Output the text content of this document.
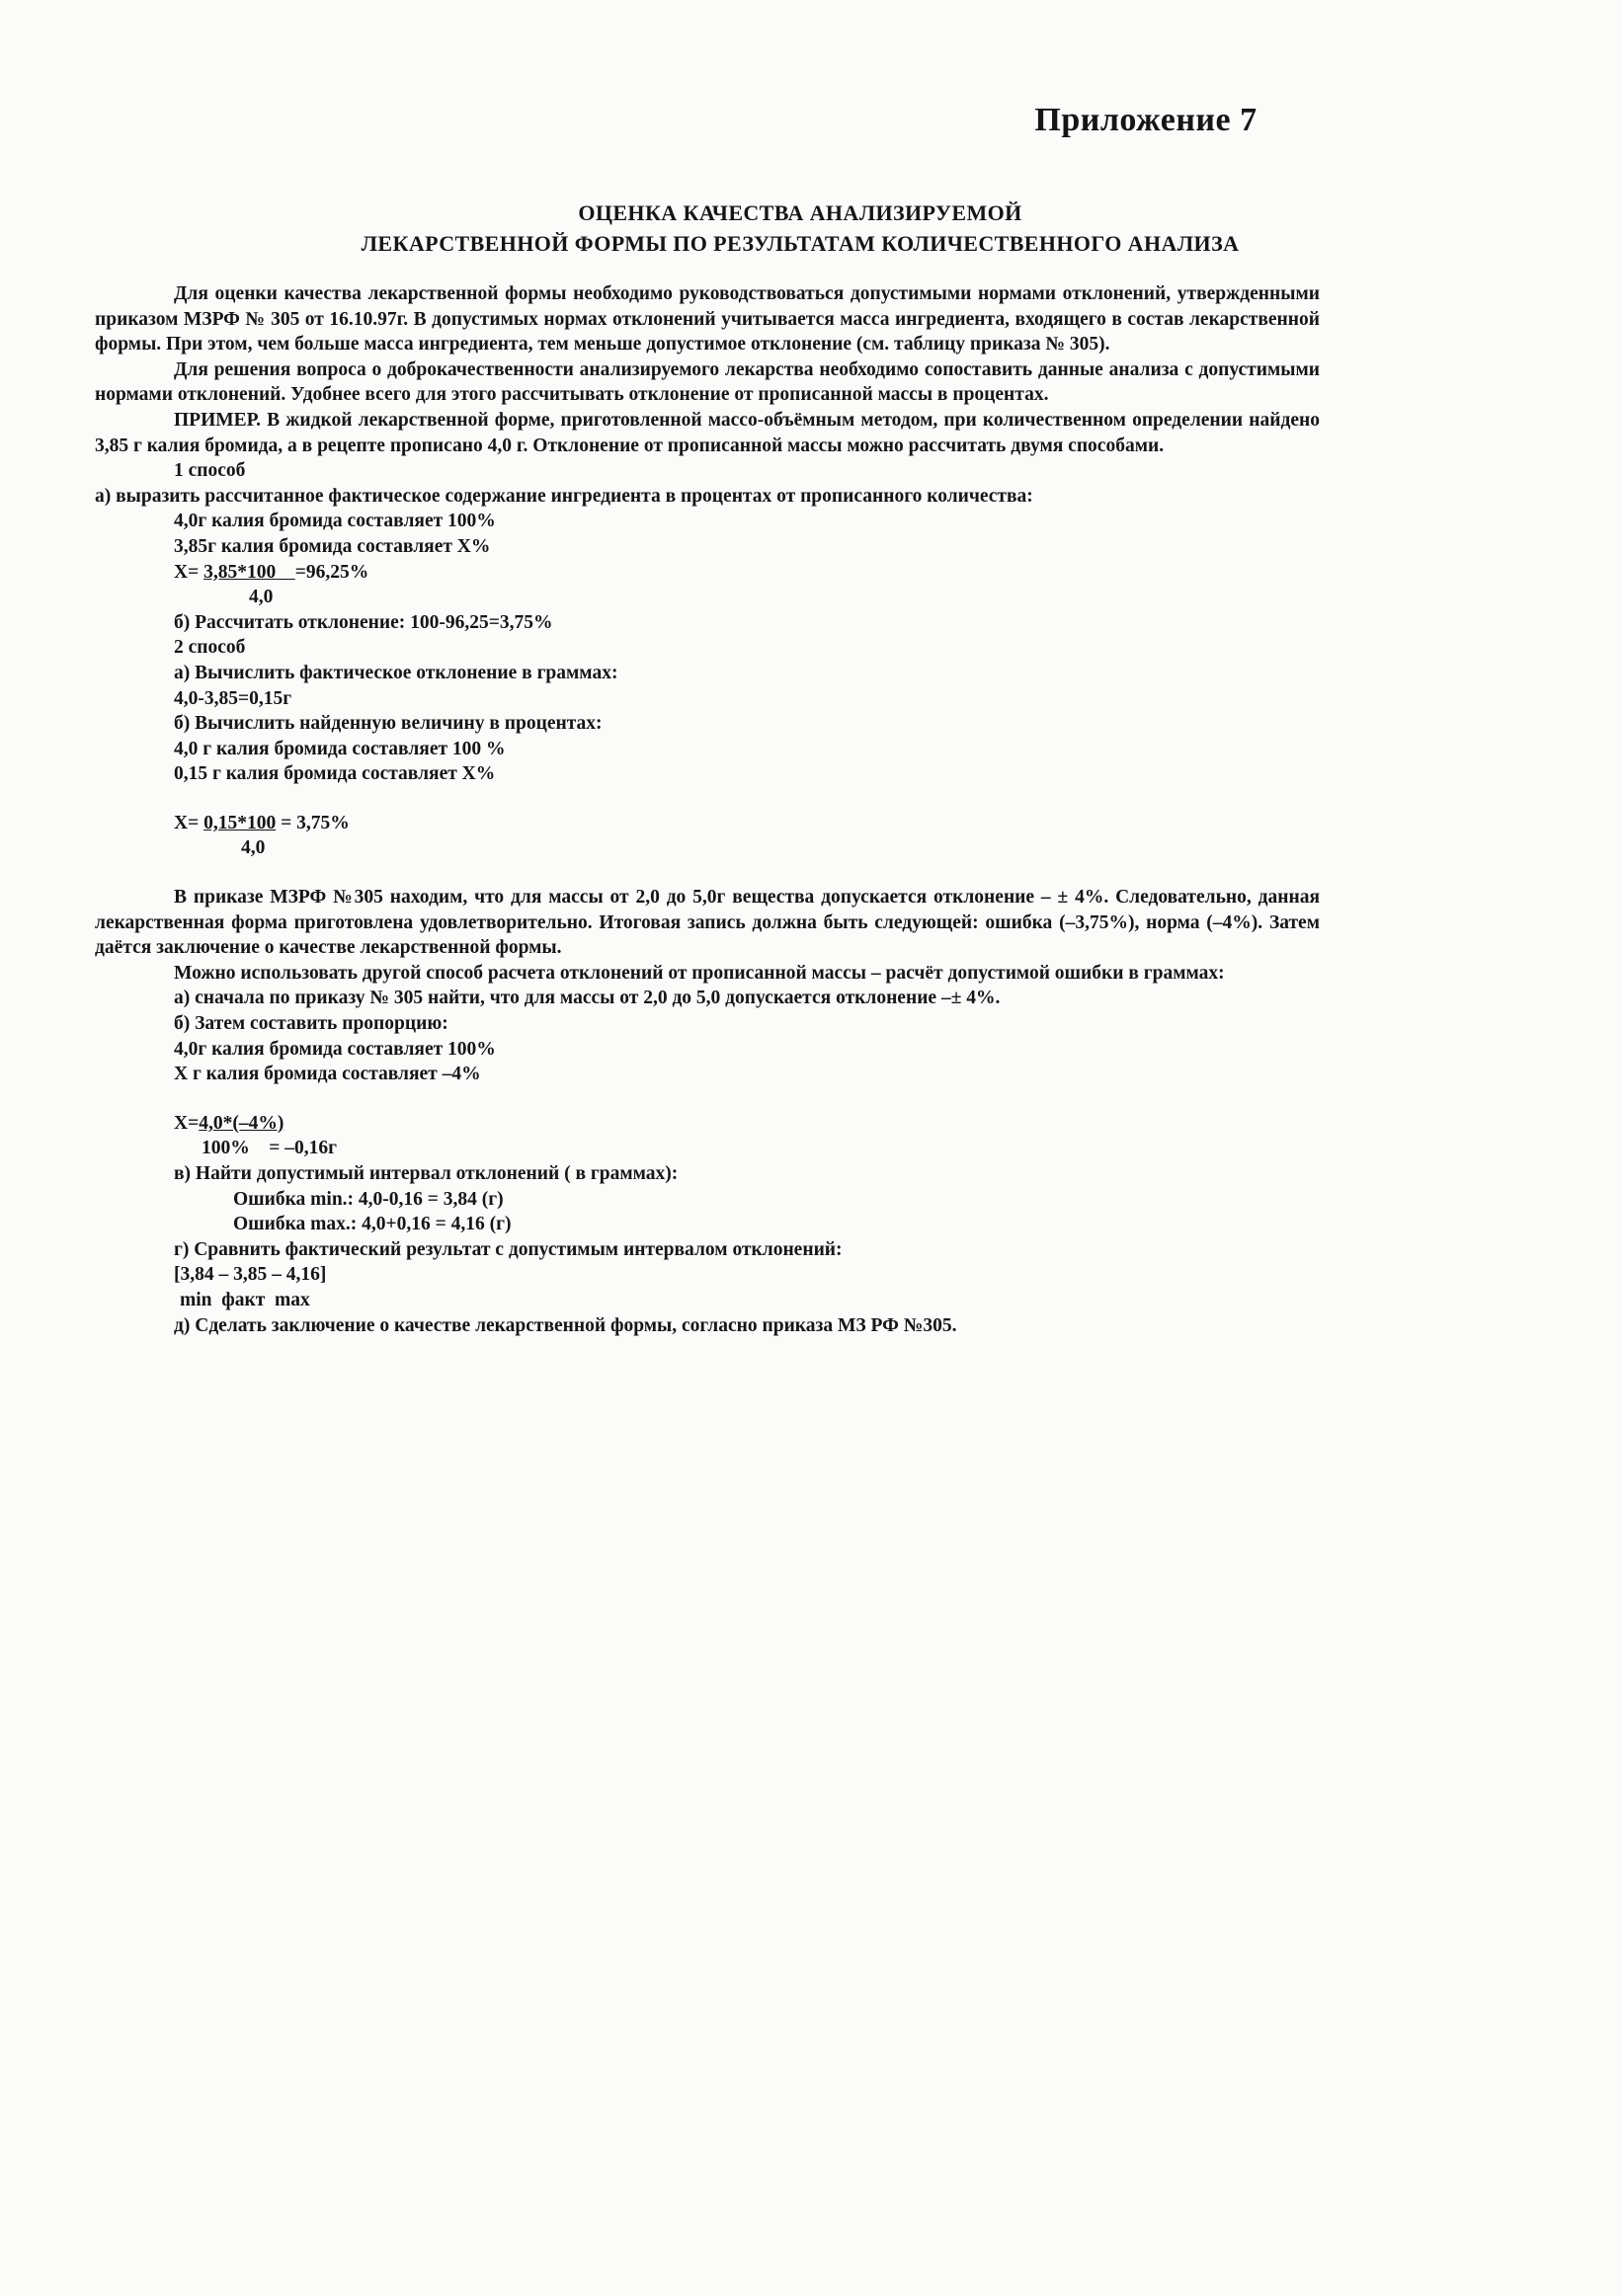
Приложение 7
ОЦЕНКА КАЧЕСТВА АНАЛИЗИРУЕМОЙ
ЛЕКАРСТВЕННОЙ ФОРМЫ ПО РЕЗУЛЬТАТАМ КОЛИЧЕСТВЕННОГО АНАЛИЗА

Для оценки качества лекарственной формы необходимо руководствоваться допустимыми нормами отклонений, утвержденными приказом МЗРФ № 305 от 16.10.97г. В допустимых нормах отклонений учитывается масса ингредиента, входящего в состав лекарственной формы. При этом, чем больше масса ингредиента, тем меньше допустимое отклонение (см. таблицу приказа № 305).

Для решения вопроса о доброкачественности анализируемого лекарства необходимо сопоставить данные анализа с допустимыми нормами отклонений. Удобнее всего для этого рассчитывать отклонение от прописанной массы в процентах.

ПРИМЕР. В жидкой лекарственной форме, приготовленной массо-объёмным методом, при количественном определении найдено 3,85 г калия бромида, а в рецепте прописано 4,0 г. Отклонение от прописанной массы можно рассчитать двумя способами.

1 способ
а) выразить рассчитанное фактическое содержание ингредиента в процентах от прописанного количества:
4,0г калия бромида составляет 100%
3,85г калия бромида составляет Х%
Х= 3,85*100 =96,25%
4,0
б) Рассчитать отклонение: 100-96,25=3,75%
2 способ
а) Вычислить фактическое отклонение в граммах:
4,0-3,85=0,15г
б) Вычислить найденную величину в процентах:
4,0 г калия бромида составляет 100 %
0,15 г калия бромида составляет Х%
Х= 0,15*100 = 3,75%
4,0

В приказе МЗРФ №305 находим, что для массы от 2,0 до 5,0г вещества допускается отклонение – ± 4%. Следовательно, данная лекарственная форма приготовлена удовлетворительно. Итоговая запись должна быть следующей: ошибка (–3,75%), норма (–4%). Затем даётся заключение о качестве лекарственной формы.

Можно использовать другой способ расчета отклонений от прописанной массы – расчёт допустимой ошибки в граммах:

а) сначала по приказу № 305 найти, что для массы от 2,0 до 5,0 допускается отклонение –± 4%.
б) Затем составить пропорцию:
4,0г калия бромида составляет 100%
Х г калия бромида составляет –4%
Х=4,0*(–4%)
100% = –0,16г
в) Найти допустимый интервал отклонений ( в граммах):
Ошибка min.: 4,0-0,16 = 3,84 (г)
Ошибка max.: 4,0+0,16 = 4,16 (г)
г) Сравнить фактический результат с допустимым интервалом отклонений:
[3,84 – 3,85 – 4,16]
min  факт  max
д) Сделать заключение о качестве лекарственной формы, согласно приказа МЗ РФ №305.
